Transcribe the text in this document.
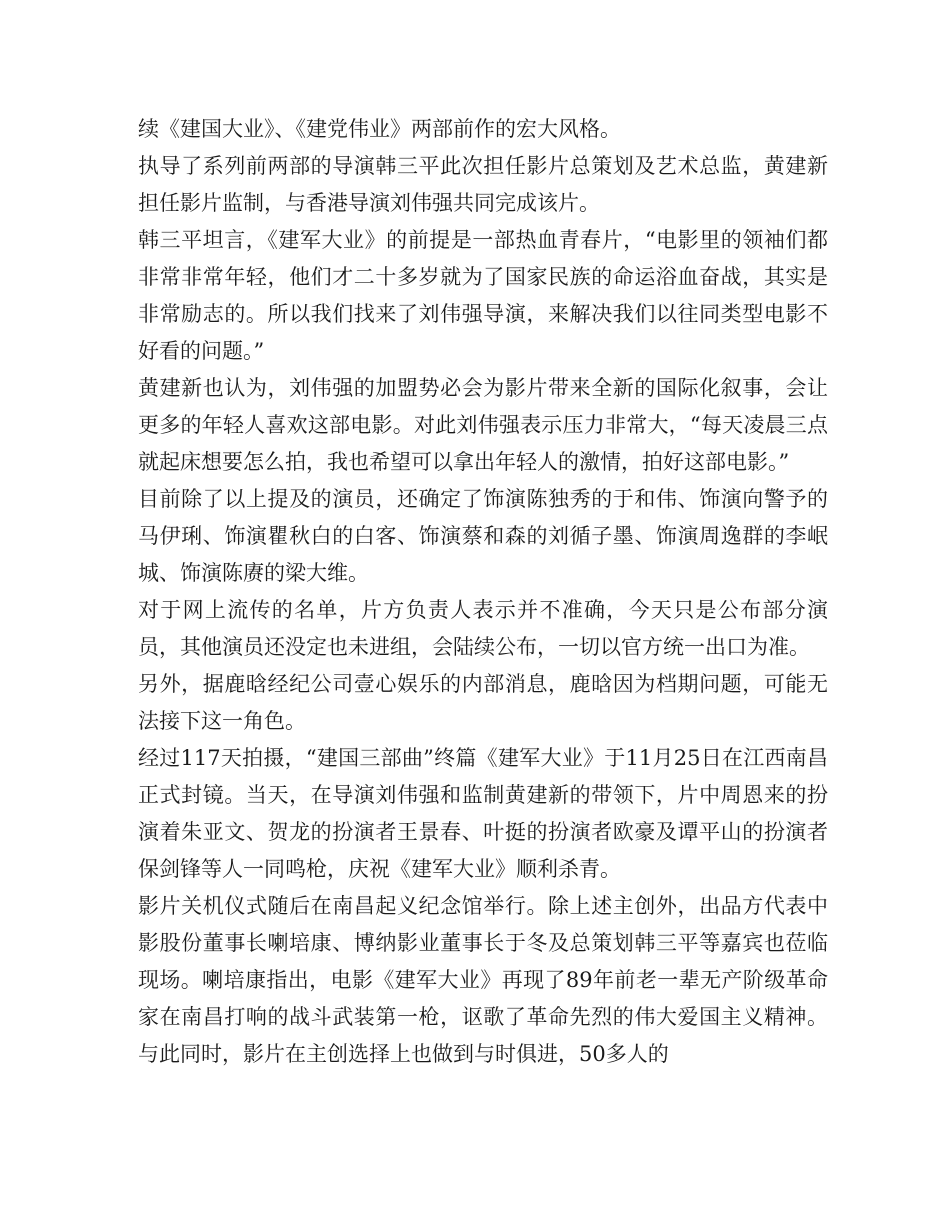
续《建国大业》、《建党伟业》两部前作的宏大风格。

执导了系列前两部的导演韩三平此次担任影片总策划及艺术总监，黄建新担任影片监制，与香港导演刘伟强共同完成该片。

韩三平坦言，《建军大业》的前提是一部热血青春片，“电影里的领袖们都非常非常年轻，他们才二十多岁就为了国家民族的命运浴血奋战，其实是非常励志的。所以我们找来了刘伟强导演，来解决我们以往同类型电影不好看的问题。”

黄建新也认为，刘伟强的加盟势必会为影片带来全新的国际化叙事，会让更多的年轻人喜欢这部电影。对此刘伟强表示压力非常大，“每天凌晨三点就起床想要怎么拍，我也希望可以拿出年轻人的激情，拍好这部电影。”

目前除了以上提及的演员，还确定了饰演陈独秀的于和伟、饰演向警予的马伊琍、饰演瞿秋白的白客、饰演蔡和森的刘循子墨、饰演周逸群的李岷城、饰演陈赓的梁大维。

对于网上流传的名单，片方负责人表示并不准确，今天只是公布部分演员，其他演员还没定也未进组，会陆续公布，一切以官方统一出口为准。

另外，据鹿晗经纪公司壹心娱乐的内部消息，鹿晗因为档期问题，可能无法接下这一角色。

经过117天拍摄，“建国三部曲”终篇《建军大业》于11月25日在江西南昌正式封镜。当天，在导演刘伟强和监制黄建新的带领下，片中周恩来的扮演着朱亚文、贺龙的扮演者王景春、叶挺的扮演者欧豪及谭平山的扮演者保剑锋等人一同鸣枪，庆祝《建军大业》顺利杀青。

影片关机仪式随后在南昌起义纪念馆举行。除上述主创外，出品方代表中影股份董事长喇培康、博纳影业董事长于冬及总策划韩三平等嘉宾也莅临现场。喇培康指出，电影《建军大业》再现了89年前老一辈无产阶级革命家在南昌打响的战斗武装第一枪，讴歌了革命先烈的伟大爱国主义精神。与此同时，影片在主创选择上也做到与时俱进，50多人的
